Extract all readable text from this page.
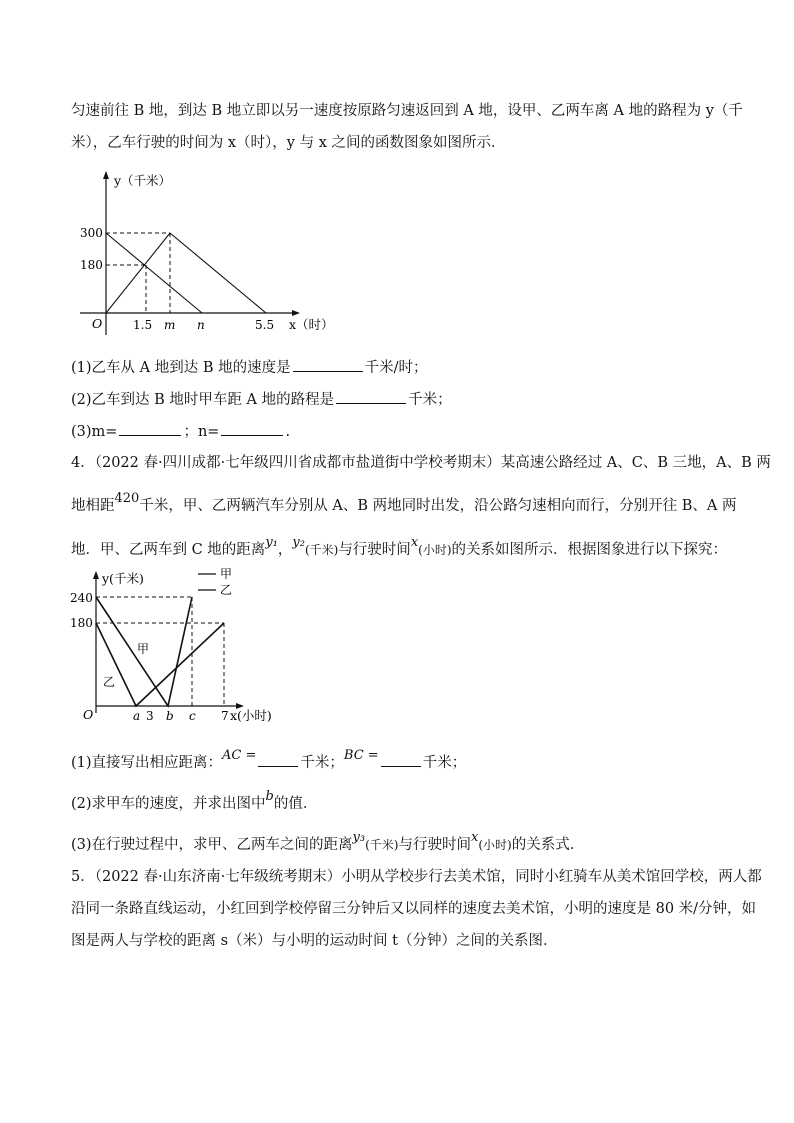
匀速前往 B 地，到达 B 地立即以另一速度按原路匀速返回到 A 地，设甲、乙两车离 A 地的路程为 y（千
米），乙车行驶的时间为 x（时），y 与 x 之间的函数图象如图所示．
y（千米）
x（时）
O
300
180
1.5 m n	5.5
(1)乙车从 A 地到达 B 地的速度是	千米/时；
(2)乙车到达 B 地时甲车距 A 地的路程是	千米；
(3)m=	；n=	.
4．（2022 春·四川成都·七年级四川省成都市盐道街中学校考期末）某高速公路经过 A、C、B 三地，A、B 两
地相距420千米，甲、乙两辆汽车分别从 A、B 两地同时出发，沿公路匀速相向而行，分别开往 B、A 两
地．甲、乙两车到 C 地的距离y₁，y₂(千米)与行驶时间x(小时)的关系如图所示．根据图象进行以下探究：
甲
乙
y(千米)
x(小时)
O
240
180
a 3 b c 7
甲
乙
(1)直接写出相应距离：AC =	千米；BC =	千米；
(2)求甲车的速度，并求出图中b的值．
(3)在行驶过程中，求甲、乙两车之间的距离y₃(千米)与行驶时间x(小时)的关系式．
5．（2022 春·山东济南·七年级统考期末）小明从学校步行去美术馆，同时小红骑车从美术馆回学校，两人都
沿同一条路直线运动，小红回到学校停留三分钟后又以同样的速度去美术馆，小明的速度是 80 米/分钟，如
图是两人与学校的距离 s（米）与小明的运动时间 t（分钟）之间的关系图．
